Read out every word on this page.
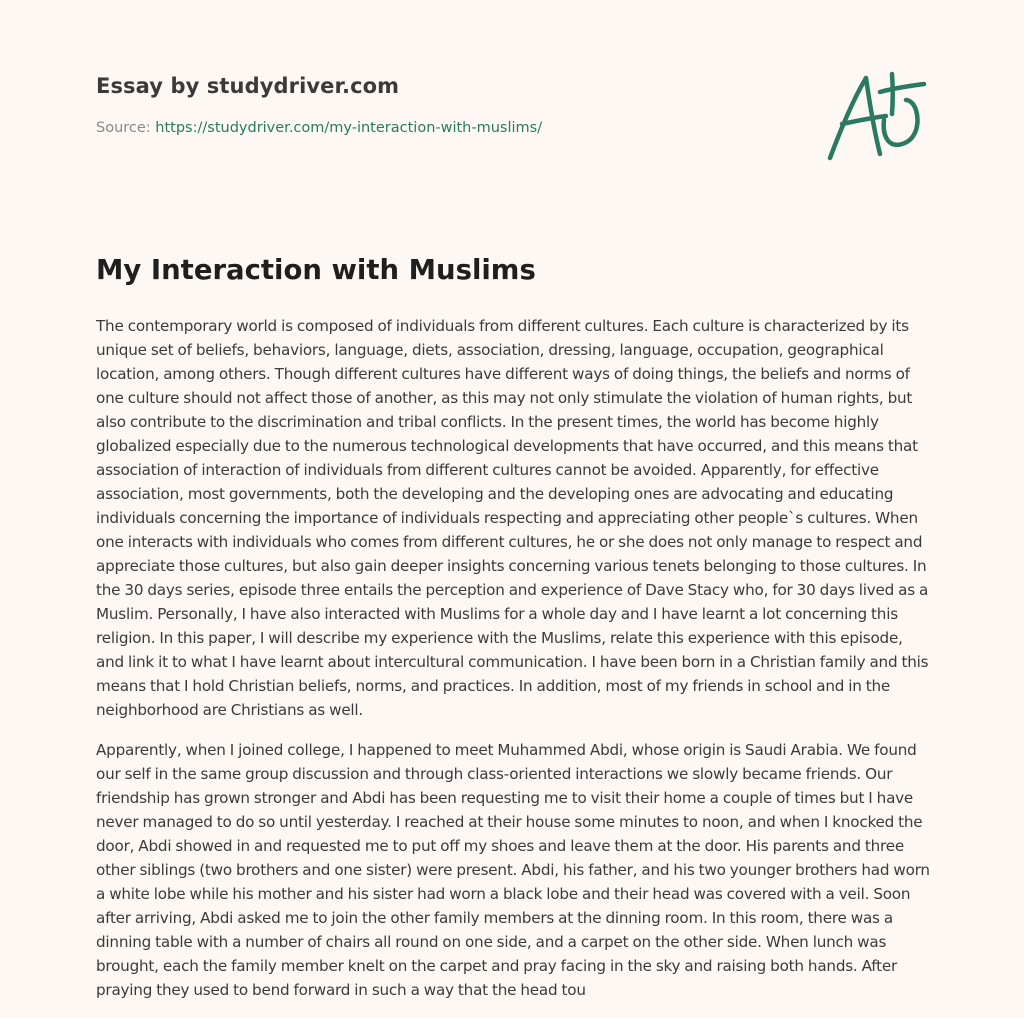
Essay by studydriver.com
Source: https://studydriver.com/my-interaction-with-muslims/
My Interaction with Muslims

The contemporary world is composed of individuals from different cultures. Each culture is characterized by its unique set of beliefs, behaviors, language, diets, association, dressing, language, occupation, geographical location, among others. Though different cultures have different ways of doing things, the beliefs and norms of one culture should not affect those of another, as this may not only stimulate the violation of human rights, but also contribute to the discrimination and tribal conflicts. In the present times, the world has become highly globalized especially due to the numerous technological developments that have occurred, and this means that association of interaction of individuals from different cultures cannot be avoided. Apparently, for effective association, most governments, both the developing and the developing ones are advocating and educating individuals concerning the importance of individuals respecting and appreciating other people`s cultures. When one interacts with individuals who comes from different cultures, he or she does not only manage to respect and appreciate those cultures, but also gain deeper insights concerning various tenets belonging to those cultures. In the 30 days series, episode three entails the perception and experience of Dave Stacy who, for 30 days lived as a Muslim. Personally, I have also interacted with Muslims for a whole day and I have learnt a lot concerning this religion. In this paper, I will describe my experience with the Muslims, relate this experience with this episode, and link it to what I have learnt about intercultural communication. I have been born in a Christian family and this means that I hold Christian beliefs, norms, and practices. In addition, most of my friends in school and in the neighborhood are Christians as well.

Apparently, when I joined college, I happened to meet Muhammed Abdi, whose origin is Saudi Arabia. We found our self in the same group discussion and through class-oriented interactions we slowly became friends. Our friendship has grown stronger and Abdi has been requesting me to visit their home a couple of times but I have never managed to do so until yesterday. I reached at their house some minutes to noon, and when I knocked the door, Abdi showed in and requested me to put off my shoes and leave them at the door. His parents and three other siblings (two brothers and one sister) were present. Abdi, his father, and his two younger brothers had worn a white lobe while his mother and his sister had worn a black lobe and their head was covered with a veil. Soon after arriving, Abdi asked me to join the other family members at the dinning room. In this room, there was a dinning table with a number of chairs all round on one side, and a carpet on the other side. When lunch was brought, each the family member knelt on the carpet and pray facing in the sky and raising both hands. After praying they used to bend forward in such a way that the head tou
